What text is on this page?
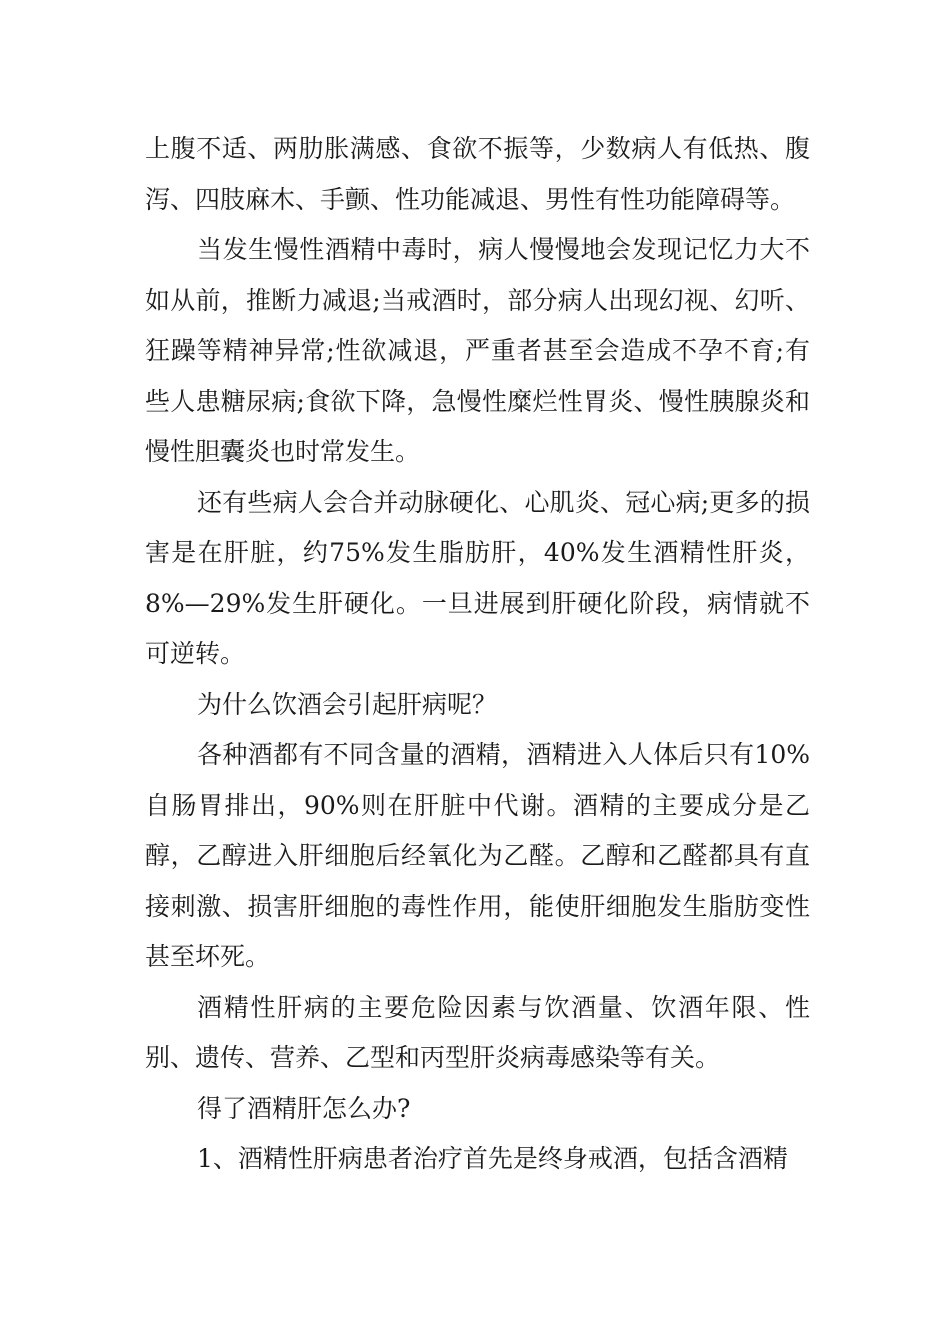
上腹不适、两肋胀满感、食欲不振等，少数病人有低热、腹泻、四肢麻木、手颤、性功能减退、男性有性功能障碍等。

当发生慢性酒精中毒时，病人慢慢地会发现记忆力大不如从前，推断力减退;当戒酒时，部分病人出现幻视、幻听、狂躁等精神异常;性欲减退，严重者甚至会造成不孕不育;有些人患糖尿病;食欲下降，急慢性糜烂性胃炎、慢性胰腺炎和慢性胆囊炎也时常发生。

还有些病人会合并动脉硬化、心肌炎、冠心病;更多的损害是在肝脏，约75%发生脂肪肝，40%发生酒精性肝炎，8%—29%发生肝硬化。一旦进展到肝硬化阶段，病情就不可逆转。

为什么饮酒会引起肝病呢？

各种酒都有不同含量的酒精，酒精进入人体后只有10%自肠胃排出，90%则在肝脏中代谢。酒精的主要成分是乙醇，乙醇进入肝细胞后经氧化为乙醛。乙醇和乙醛都具有直接刺激、损害肝细胞的毒性作用，能使肝细胞发生脂肪变性甚至坏死。

酒精性肝病的主要危险因素与饮酒量、饮酒年限、性别、遗传、营养、乙型和丙型肝炎病毒感染等有关。

得了酒精肝怎么办?

1、酒精性肝病患者治疗首先是终身戒酒，包括含酒精
